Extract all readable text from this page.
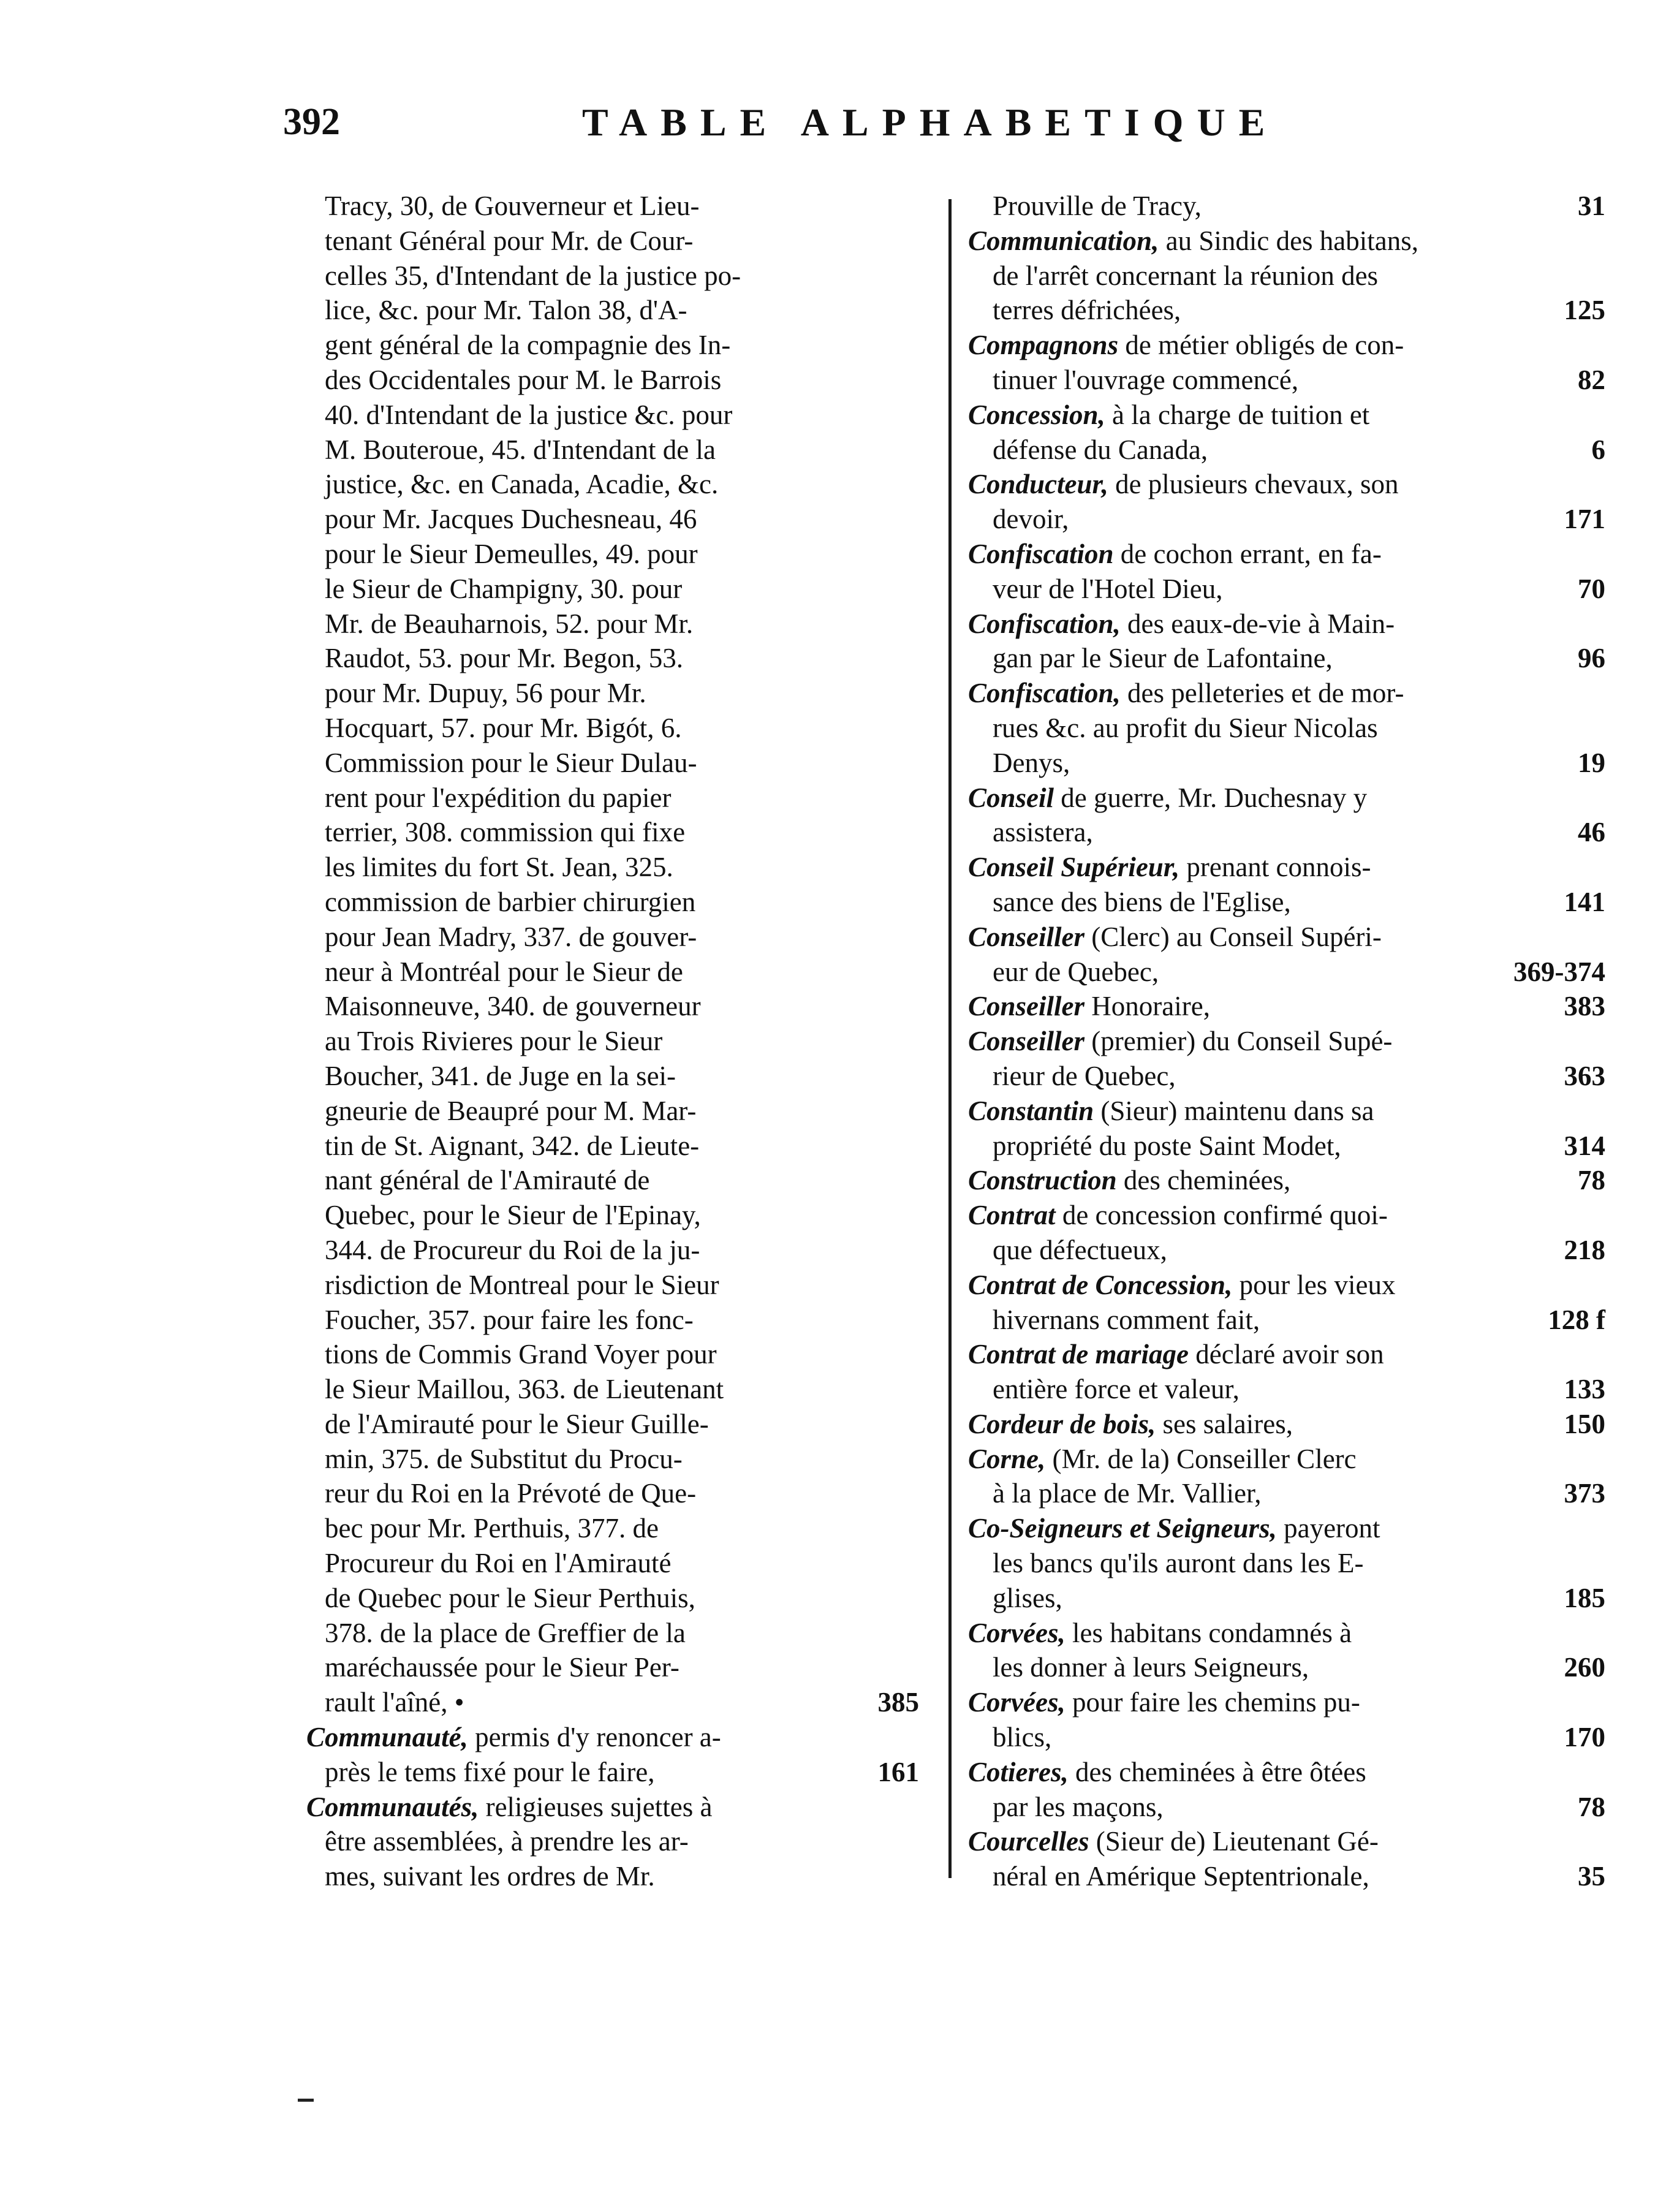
392	TABLE ALPHABETIQUE
Tracy, 30, de Gouverneur et Lieu-
tenant Général pour Mr. de Cour-
celles 35, d'Intendant de la justice po-
lice, &c. pour Mr. Talon 38, d'A-
gent général de la compagnie des In-
des Occidentales pour M. le Barrois
40. d'Intendant de la justice &c. pour
M. Bouteroue, 45. d'Intendant de la
justice, &c. en Canada, Acadie, &c.
pour Mr. Jacques Duchesneau, 46
pour le Sieur Demeulles, 49. pour
le Sieur de Champigny, 30. pour
Mr. de Beauharnois, 52. pour Mr.
Raudot, 53. pour Mr. Begon, 53.
pour Mr. Dupuy, 56 pour Mr.
Hocquart, 57. pour Mr. Bigót, 6.
Commission pour le Sieur Dulau-
rent pour l'expédition du papier
terrier, 308. commission qui fixe
les limites du fort St. Jean, 325.
commission de barbier chirurgien
pour Jean Madry, 337. de gouver-
neur à Montréal pour le Sieur de
Maisonneuve, 340. de gouverneur
au Trois Rivieres pour le Sieur
Boucher, 341. de Juge en la sei-
gneurie de Beaupré pour M. Mar-
tin de St. Aignant, 342. de Lieute-
nant général de l'Amirauté de
Quebec, pour le Sieur de l'Epinay,
344. de Procureur du Roi de la ju-
risdiction de Montreal pour le Sieur
Foucher, 357. pour faire les fonc-
tions de Commis Grand Voyer pour
le Sieur Maillou, 363. de Lieutenant
de l'Amirauté pour le Sieur Guille-
min, 375. de Substitut du Procu-
reur du Roi en la Prévoté de Que-
bec pour Mr. Perthuis, 377. de
Procureur du Roi en l'Amirauté
de Quebec pour le Sieur Perthuis,
378. de la place de Greffier de la
maréchaussée pour le Sieur Per-
rault l'aîné, •	385
Communauté, permis d'y renoncer a-
près le tems fixé pour le faire,	161
Communautés, religieuses sujettes à
être assemblées, à prendre les ar-
mes, suivant les ordres de Mr.
Prouville de Tracy,	31
Communication, au Sindic des habitans,
de l'arrêt concernant la réunion des
terres défrichées,	125
Compagnons de métier obligés de con-
tinuer l'ouvrage commencé,	82
Concession, à la charge de tuition et
défense du Canada,	6
Conducteur, de plusieurs chevaux, son
devoir,	171
Confiscation de cochon errant, en fa-
veur de l'Hotel Dieu,	70
Confiscation, des eaux-de-vie à Main-
gan par le Sieur de Lafontaine,	96
Confiscation, des pelleteries et de mor-
rues &c. au profit du Sieur Nicolas
Denys,	19
Conseil de guerre, Mr. Duchesnay y
assistera,	46
Conseil Supérieur, prenant connois-
sance des biens de l'Eglise,	141
Conseiller (Clerc) au Conseil Supéri-
eur de Quebec,	369-374
Conseiller Honoraire,	383
Conseiller (premier) du Conseil Supé-
rieur de Quebec,	363
Constantin (Sieur) maintenu dans sa
propriété du poste Saint Modet,	314
Construction des cheminées,	78
Contrat de concession confirmé quoi-
que défectueux,	218
Contrat de Concession, pour les vieux
hivernans comment fait,	128 f
Contrat de mariage déclaré avoir son
entière force et valeur,	133
Cordeur de bois, ses salaires,	150
Corne, (Mr. de la) Conseiller Clerc
à la place de Mr. Vallier,	373
Co-Seigneurs et Seigneurs, payeront
les bancs qu'ils auront dans les E-
glises,	185
Corvées, les habitans condamnés à
les donner à leurs Seigneurs,	260
Corvées, pour faire les chemins pu-
blics,	170
Cotieres, des cheminées à être ôtées
par les maçons,	78
Courcelles (Sieur de) Lieutenant Gé-
néral en Amérique Septentrionale,	35
